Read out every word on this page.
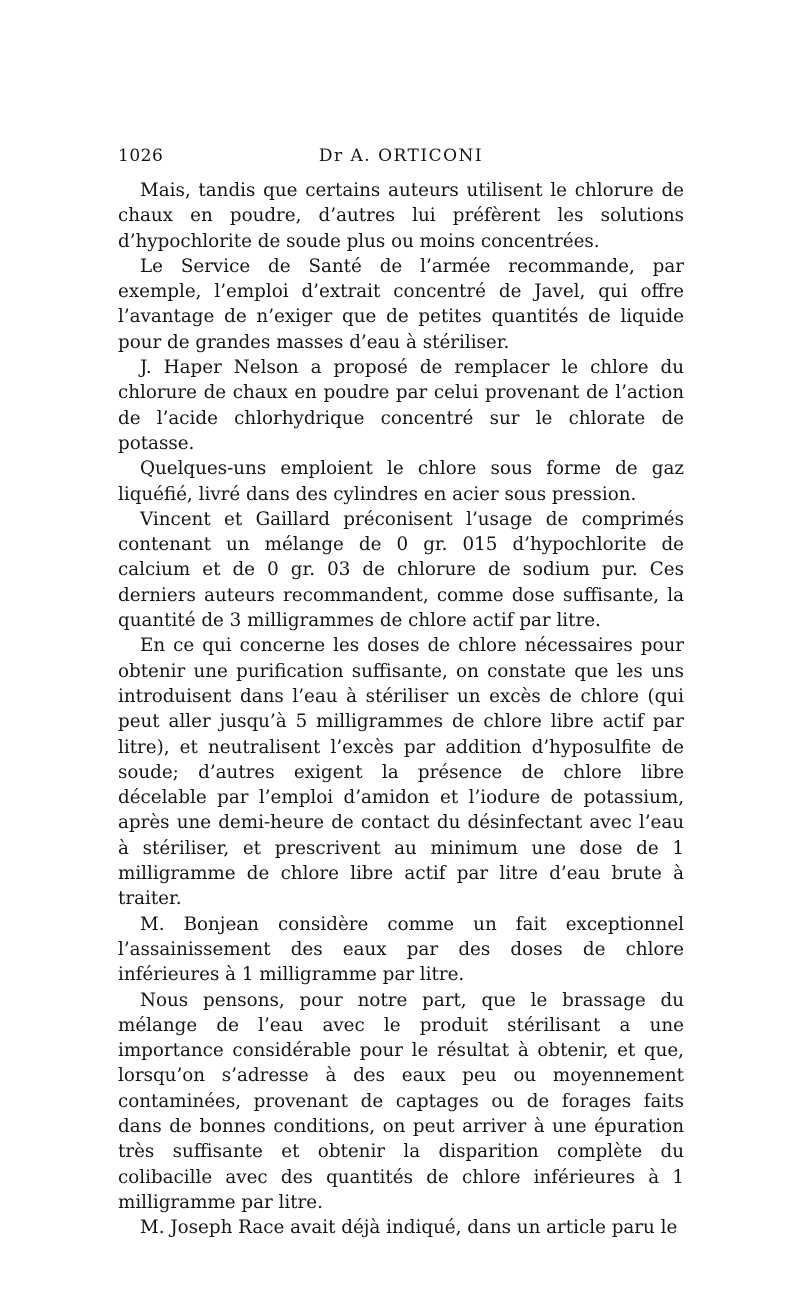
1026	Dr A. ORTICONI

Mais, tandis que certains auteurs utilisent le chlorure de chaux en poudre, d’autres lui préfèrent les solutions d’hypochlorite de soude plus ou moins concentrées.

Le Service de Santé de l’armée recommande, par exemple, l’emploi d’extrait concentré de Javel, qui offre l’avantage de n’exiger que de petites quantités de liquide pour de grandes masses d’eau à stériliser.

J. Haper Nelson a proposé de remplacer le chlore du chlorure de chaux en poudre par celui provenant de l’action de l’acide chlorhydrique concentré sur le chlorate de potasse.

Quelques-uns emploient le chlore sous forme de gaz liquéfié, livré dans des cylindres en acier sous pression.

Vincent et Gaillard préconisent l’usage de comprimés contenant un mélange de 0 gr. 015 d’hypochlorite de calcium et de 0 gr. 03 de chlorure de sodium pur. Ces derniers auteurs recommandent, comme dose suffisante, la quantité de 3 milligrammes de chlore actif par litre.

En ce qui concerne les doses de chlore nécessaires pour obtenir une purification suffisante, on constate que les uns introduisent dans l’eau à stériliser un excès de chlore (qui peut aller jusqu’à 5 milligrammes de chlore libre actif par litre), et neutralisent l’excès par addition d’hyposulfite de soude; d’autres exigent la présence de chlore libre décelable par l’emploi d’amidon et l’iodure de potassium, après une demi-heure de contact du désinfectant avec l’eau à stériliser, et prescrivent au minimum une dose de 1 milligramme de chlore libre actif par litre d’eau brute à traiter.

M. Bonjean considère comme un fait exceptionnel l’assainissement des eaux par des doses de chlore inférieures à 1 milligramme par litre.

Nous pensons, pour notre part, que le brassage du mélange de l’eau avec le produit stérilisant a une importance considérable pour le résultat à obtenir, et que, lorsqu’on s’adresse à des eaux peu ou moyennement contaminées, provenant de captages ou de forages faits dans de bonnes conditions, on peut arriver à une épuration très suffisante et obtenir la disparition complète du colibacille avec des quantités de chlore inférieures à 1 milligramme par litre.

M. Joseph Race avait déjà indiqué, dans un article paru le
